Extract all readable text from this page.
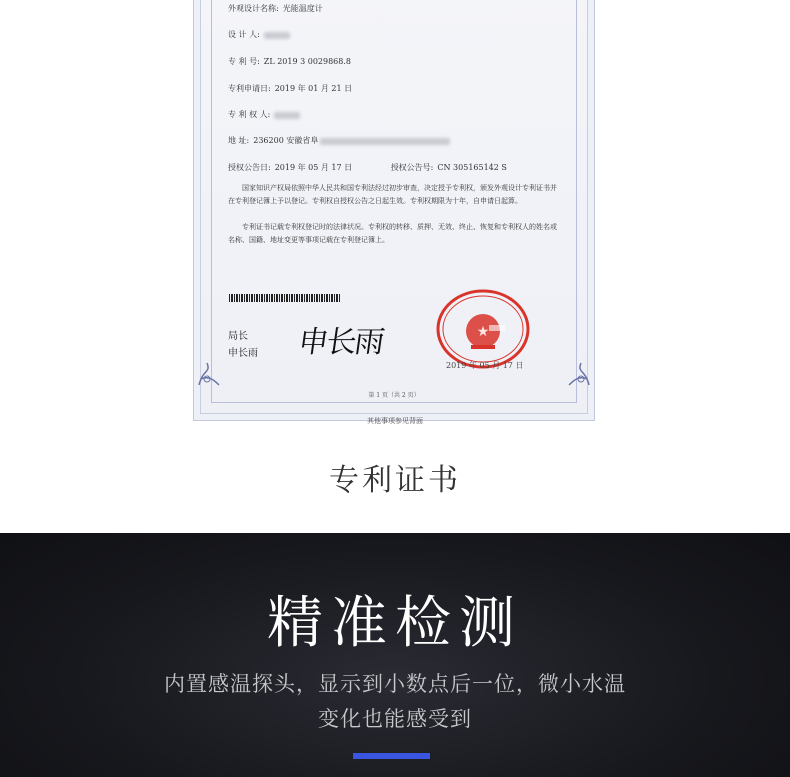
外观设计名称: 光能温度计
设 计 人:
专 利 号: ZL 2019 3 0029868.8
专利申请日: 2019 年 01 月 21 日
专 利 权 人:
地 址: 236200 安徽省阜
授权公告日: 2019 年 05 月 17 日	授权公告号: CN 305165142 S
国家知识产权局依照中华人民共和国专利法经过初步审查，决定授予专利权，颁发外观设计专利证书并在专利登记簿上予以登记。专利权自授权公告之日起生效。专利权期限为十年，自申请日起算。
专利证书记载专利权登记时的法律状况。专利权的转移、质押、无效、终止、恢复和专利权人的姓名或名称、国籍、地址变更等事项记载在专利登记簿上。
局长
申长雨 申长雨	★
2019 年 05 月 17 日
第 1 页（共 2 页）
其他事项参见背面
专利证书
精准检测
内置感温探头，显示到小数点后一位，微小水温
变化也能感受到
